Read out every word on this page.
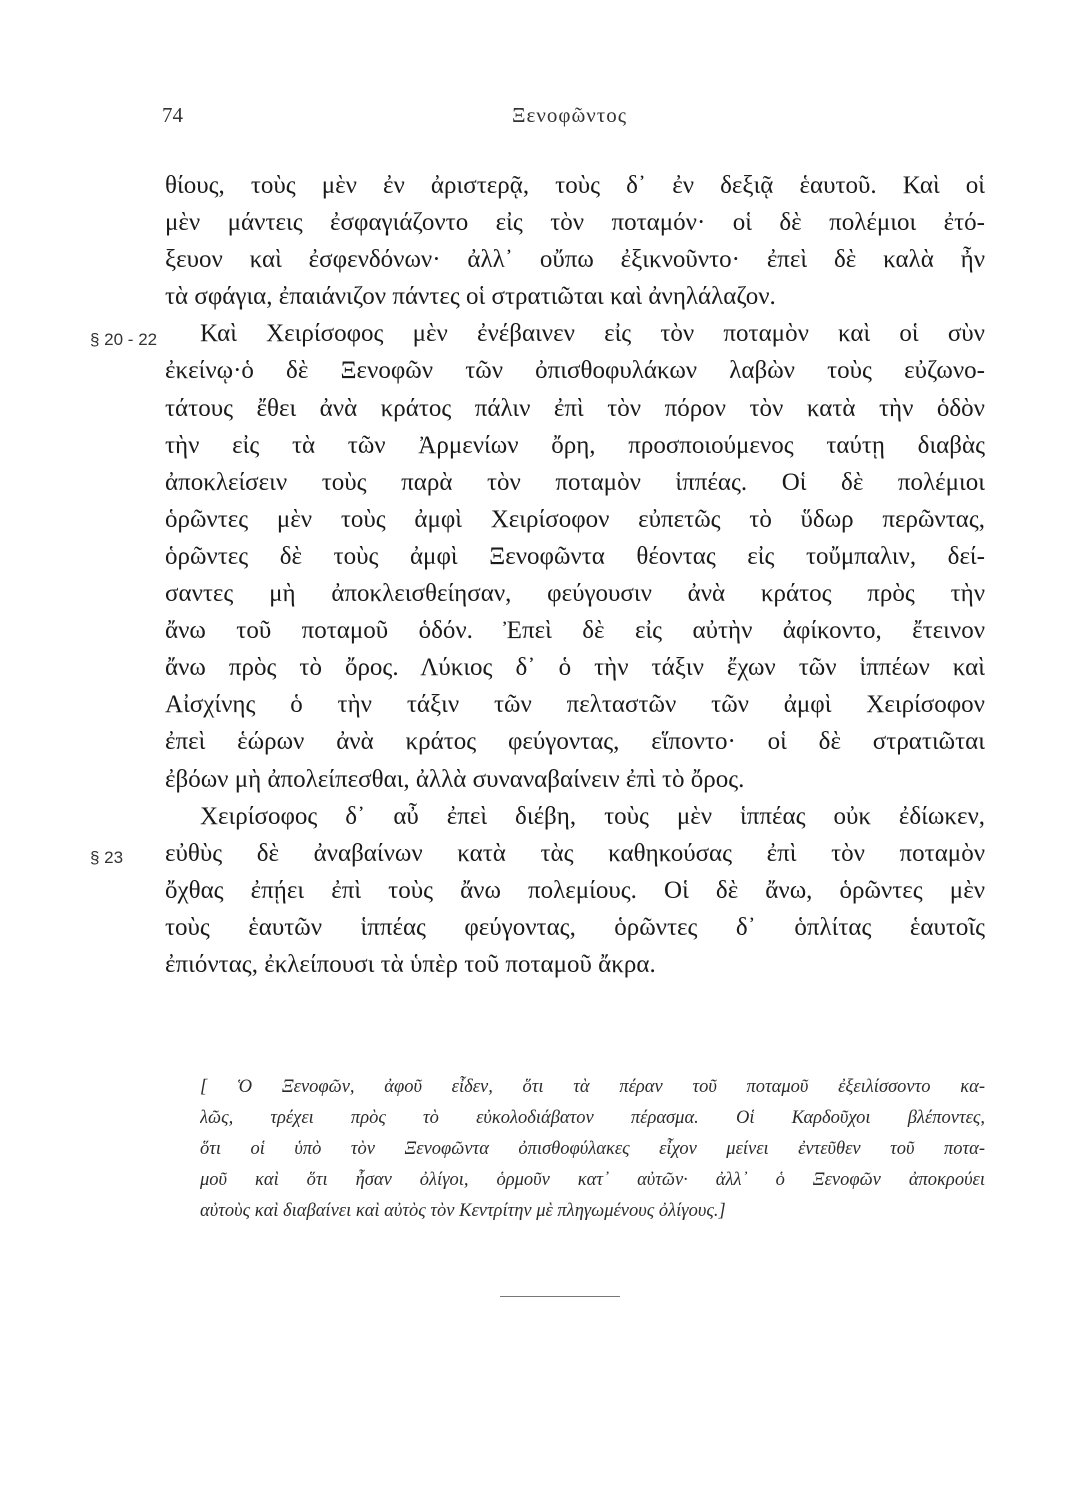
74	Ξενοφῶντος
§ 20 - 22
§ 23
θίους, τοὺς μὲν ἐν ἀριστερᾷ, τοὺς δ᾽ ἐν δεξιᾷ ἑαυτοῦ. Καὶ οἱ
μὲν μάντεις ἐσφαγιάζοντο εἰς τὸν ποταμόν· οἱ δὲ πολέμιοι ἐτό-
ξευον καὶ ἐσφενδόνων· ἀλλ᾽ οὔπω ἐξικνοῦντο· ἐπεὶ δὲ καλὰ ἦν
τὰ σφάγια, ἐπαιάνιζον πάντες οἱ στρατιῶται καὶ ἀνηλάλαζον.
Καὶ Χειρίσοφος μὲν ἐνέβαινεν εἰς τὸν ποταμὸν καὶ οἱ σὺν
ἐκείνῳ·ὁ δὲ Ξενοφῶν τῶν ὀπισθοφυλάκων λαβὼν τοὺς εὐζωνο-
τάτους ἔθει ἀνὰ κράτος πάλιν ἐπὶ τὸν πόρον τὸν κατὰ τὴν ὁδὸν
τὴν εἰς τὰ τῶν Ἀρμενίων ὄρη, προσποιούμενος ταύτῃ διαβὰς
ἀποκλείσειν τοὺς παρὰ τὸν ποταμὸν ἱππέας. Οἱ δὲ πολέμιοι
ὁρῶντες μὲν τοὺς ἀμφὶ Χειρίσοφον εὐπετῶς τὸ ὕδωρ περῶντας,
ὁρῶντες δὲ τοὺς ἀμφὶ Ξενοφῶντα θέοντας εἰς τοὔμπαλιν, δεί-
σαντες μὴ ἀποκλεισθείησαν, φεύγουσιν ἀνὰ κράτος πρὸς τὴν
ἄνω τοῦ ποταμοῦ ὁδόν. Ἐπεὶ δὲ εἰς αὐτὴν ἀφίκοντο, ἔτεινον
ἄνω πρὸς τὸ ὄρος. Λύκιος δ᾽ ὁ τὴν τάξιν ἔχων τῶν ἱππέων καὶ
Αἰσχίνης ὁ τὴν τάξιν τῶν πελταστῶν τῶν ἀμφὶ Χειρίσοφον
ἐπεὶ ἑώρων ἀνὰ κράτος φεύγοντας, εἵποντο· οἱ δὲ στρατιῶται
ἐβόων μὴ ἀπολείπεσθαι, ἀλλὰ συναναβαίνειν ἐπὶ τὸ ὄρος.
Χειρίσοφος δ᾽ αὖ ἐπεὶ διέβη, τοὺς μὲν ἱππέας οὐκ ἐδίωκεν,
εὐθὺς δὲ ἀναβαίνων κατὰ τὰς καθηκούσας ἐπὶ τὸν ποταμὸν
ὄχθας ἐπῄει ἐπὶ τοὺς ἄνω πολεμίους. Οἱ δὲ ἄνω, ὁρῶντες μὲν
τοὺς ἑαυτῶν ἱππέας φεύγοντας, ὁρῶντες δ᾽ ὁπλίτας ἑαυτοῖς
ἐπιόντας, ἐκλείπουσι τὰ ὑπὲρ τοῦ ποταμοῦ ἄκρα.
[ Ὁ Ξενοφῶν, ἀφοῦ εἶδεν, ὅτι τὰ πέραν τοῦ ποταμοῦ ἐξειλίσσοντο κα-
λῶς, τρέχει πρὸς τὸ εὐκολοδιάβατον πέρασμα. Οἱ Καρδοῦχοι βλέποντες,
ὅτι οἱ ὑπὸ τὸν Ξενοφῶντα ὀπισθοφύλακες εἶχον μείνει ἐντεῦθεν τοῦ ποτα-
μοῦ καὶ ὅτι ἦσαν ὀλίγοι, ὁρμοῦν κατ᾽ αὐτῶν· ἀλλ᾽ ὁ Ξενοφῶν ἀποκρούει
αὐτοὺς καὶ διαβαίνει καὶ αὐτὸς τὸν Κεντρίτην μὲ πληγωμένους ὀλίγους.]
